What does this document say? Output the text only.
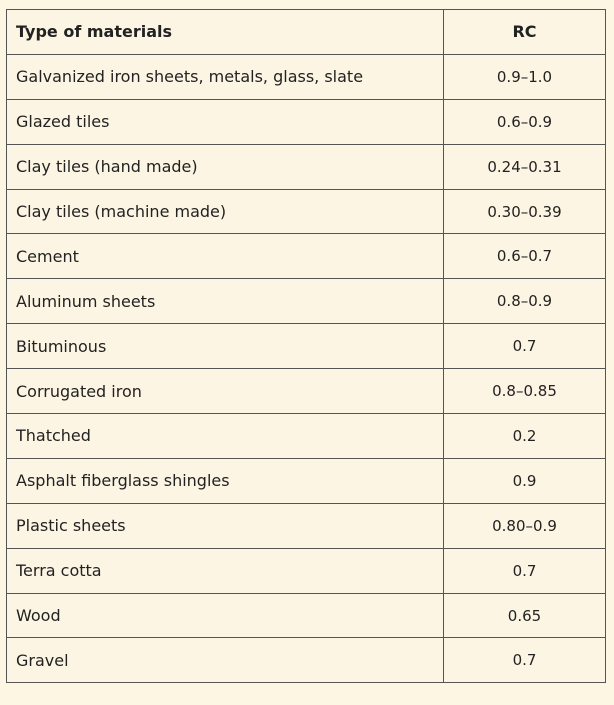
Type of materials	RC
Galvanized iron sheets, metals, glass, slate	0.9–1.0
Glazed tiles	0.6–0.9
Clay tiles (hand made)	0.24–0.31
Clay tiles (machine made)	0.30–0.39
Cement	0.6–0.7
Aluminum sheets	0.8–0.9
Bituminous	0.7
Corrugated iron	0.8–0.85
Thatched	0.2
Asphalt fiberglass shingles	0.9
Plastic sheets	0.80–0.9
Terra cotta	0.7
Wood	0.65
Gravel	0.7
